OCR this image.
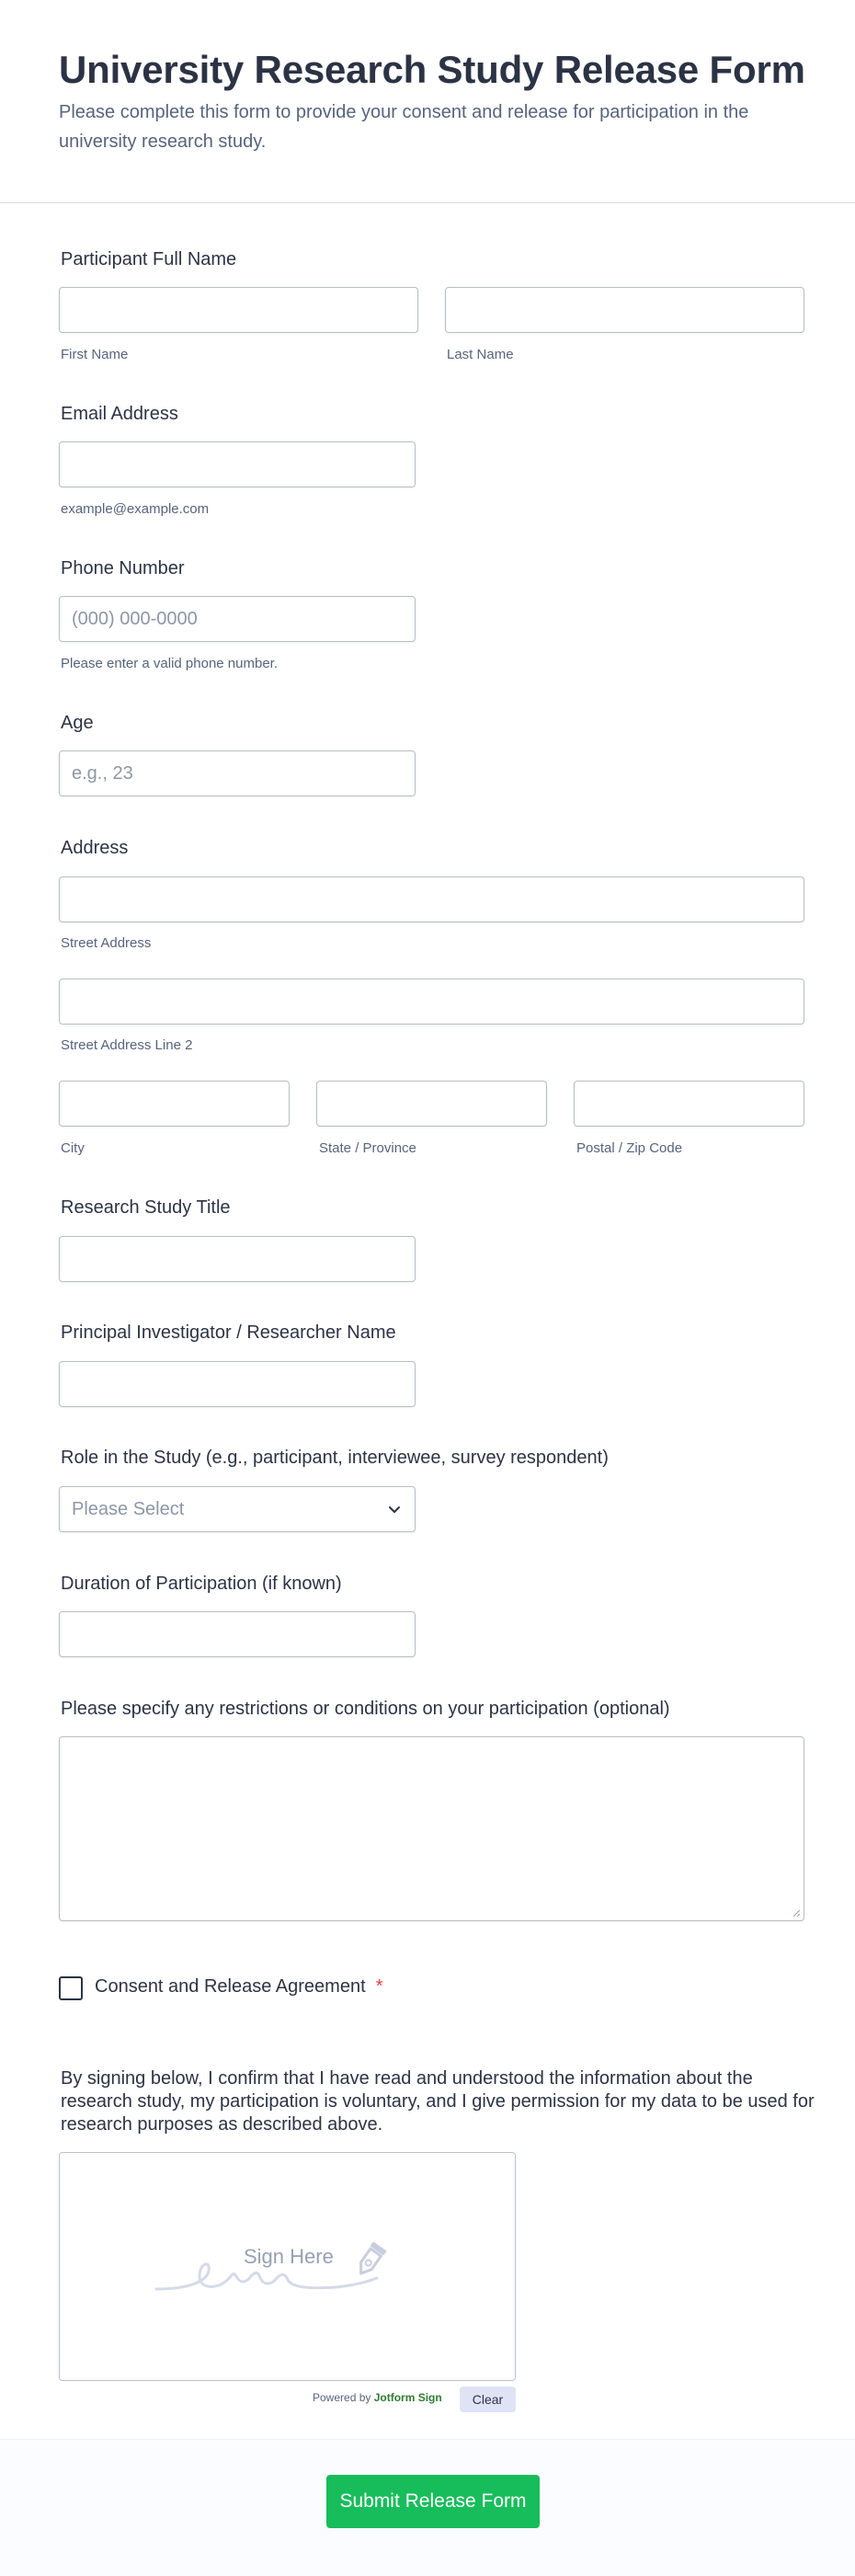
University Research Study Release Form

Please complete this form to provide your consent and release for participation in the university research study.

Participant Full Name
First Name	Last Name
Email Address
example@example.com
Phone Number
(000) 000-0000
Please enter a valid phone number.
Age
e.g., 23
Address
Street Address
Street Address Line 2
City	State / Province	Postal / Zip Code
Research Study Title
Principal Investigator / Researcher Name
Role in the Study (e.g., participant, interviewee, survey respondent)
Please Select
Duration of Participation (if known)
Please specify any restrictions or conditions on your participation (optional)
Consent and Release Agreement *
By signing below, I confirm that I have read and understood the information about the research study, my participation is voluntary, and I give permission for my data to be used for research purposes as described above.
Sign Here
Powered by Jotform Sign	Clear
Submit Release Form
